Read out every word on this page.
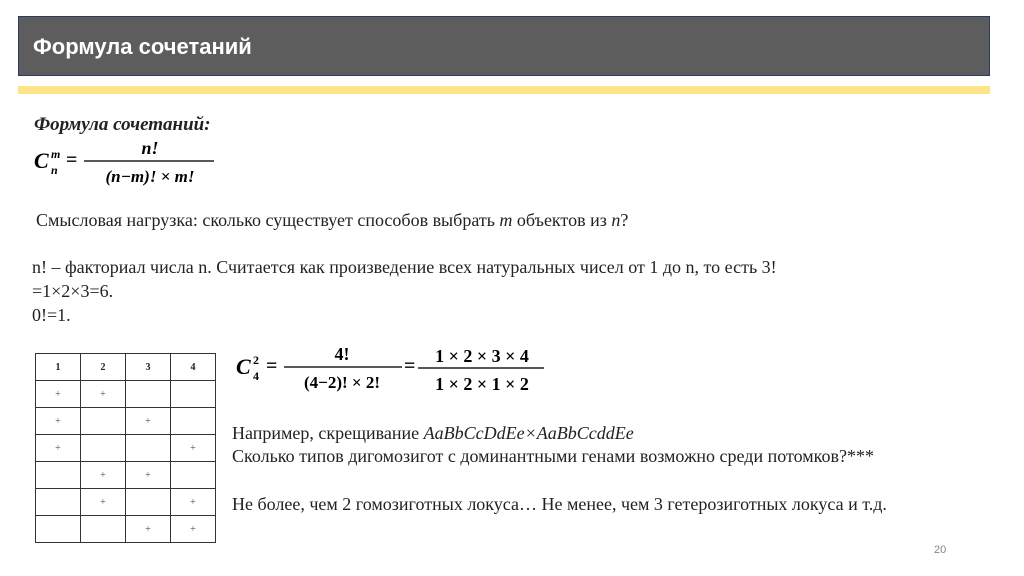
Формула сочетаний
Формула сочетаний:
C m
n =
n!
(n−m)! × m!
Смысловая нагрузка: сколько существует способов выбрать m объектов из n?
n! – факториал числа n. Считается как произведение всех натуральных чисел от 1 до n, то есть 3!
=1×2×3=6.
0!=1.
1	2	3	4
+	+		
+		+	
+			+
	+	+	
	+		+
		+	+
C 2
4 =
4!
(4−2)! × 2!
= 1 × 2 × 3 × 4
1 × 2 × 1 × 2
Например, скрещивание AaBbCcDdEe×AaBbCcddEe
Сколько типов дигомозигот с доминантными генами возможно среди потомков?***
Не более, чем 2 гомозиготных локуса… Не менее, чем 3 гетерозиготных локуса и т.д.
20
